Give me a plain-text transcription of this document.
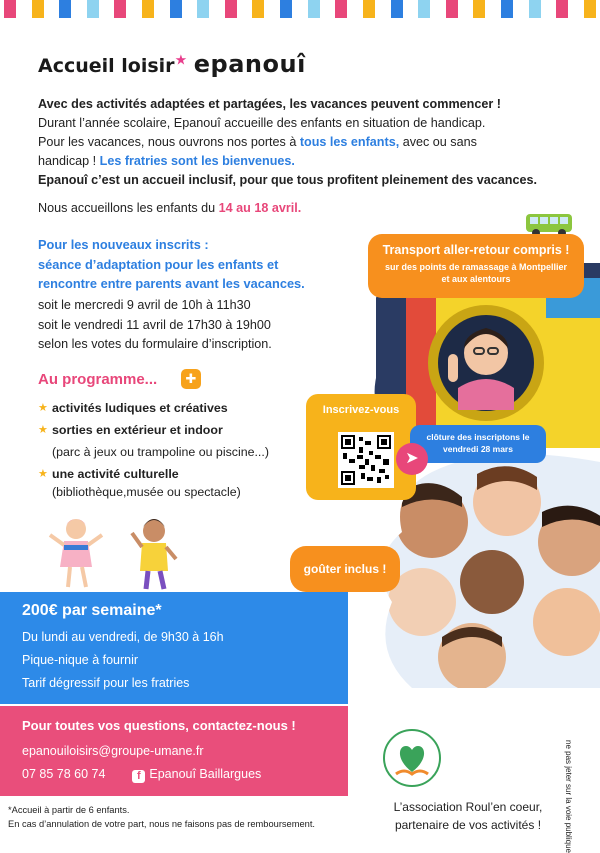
Accueil loisir★ epanouî
Avec des activités adaptées et partagées, les vacances peuvent commencer !
Durant l’année scolaire, Epanouî accueille des enfants en situation de handicap.
Pour les vacances, nous ouvrons nos portes à tous les enfants, avec ou sans
handicap ! Les fratries sont les bienvenues.
Epanouî c’est un accueil inclusif, pour que tous profitent pleinement des vacances.
Nous accueillons les enfants du 14 au 18 avril.
Pour les nouveaux inscrits :
séance d’adaptation pour les enfants et
rencontre entre parents avant les vacances.
soit le mercredi 9 avril de 10h à 11h30
soit le vendredi 11 avril de 17h30 à 19h00
selon les votes du formulaire d’inscription.
Au programme...	✚
★ activités ludiques et créatives
★ sorties en extérieur et indoor
(parc à jeux ou trampoline ou piscine...)
★ une activité culturelle
(bibliothèque,musée ou spectacle)
Transport aller-retour compris !
sur des points de ramassage à Montpellier
et aux alentours
Inscrivez-vous
clôture des inscriptons le
vendredi 28 mars
➤
goûter inclus !
200€ par semaine*
Du lundi au vendredi, de 9h30 à 16h
Pique-nique à fournir
Tarif dégressif pour les fratries
Pour toutes vos questions, contactez-nous !
epanouiloisirs@groupe-umane.fr
07 85 78 60 74	f Epanouî Baillargues
*Accueil à partir de 6 enfants.
En cas d’annulation de votre part, nous ne faisons pas de remboursement.
L’association Roul’en coeur,
partenaire de vos activités !	ne pas jeter sur la voie publique
